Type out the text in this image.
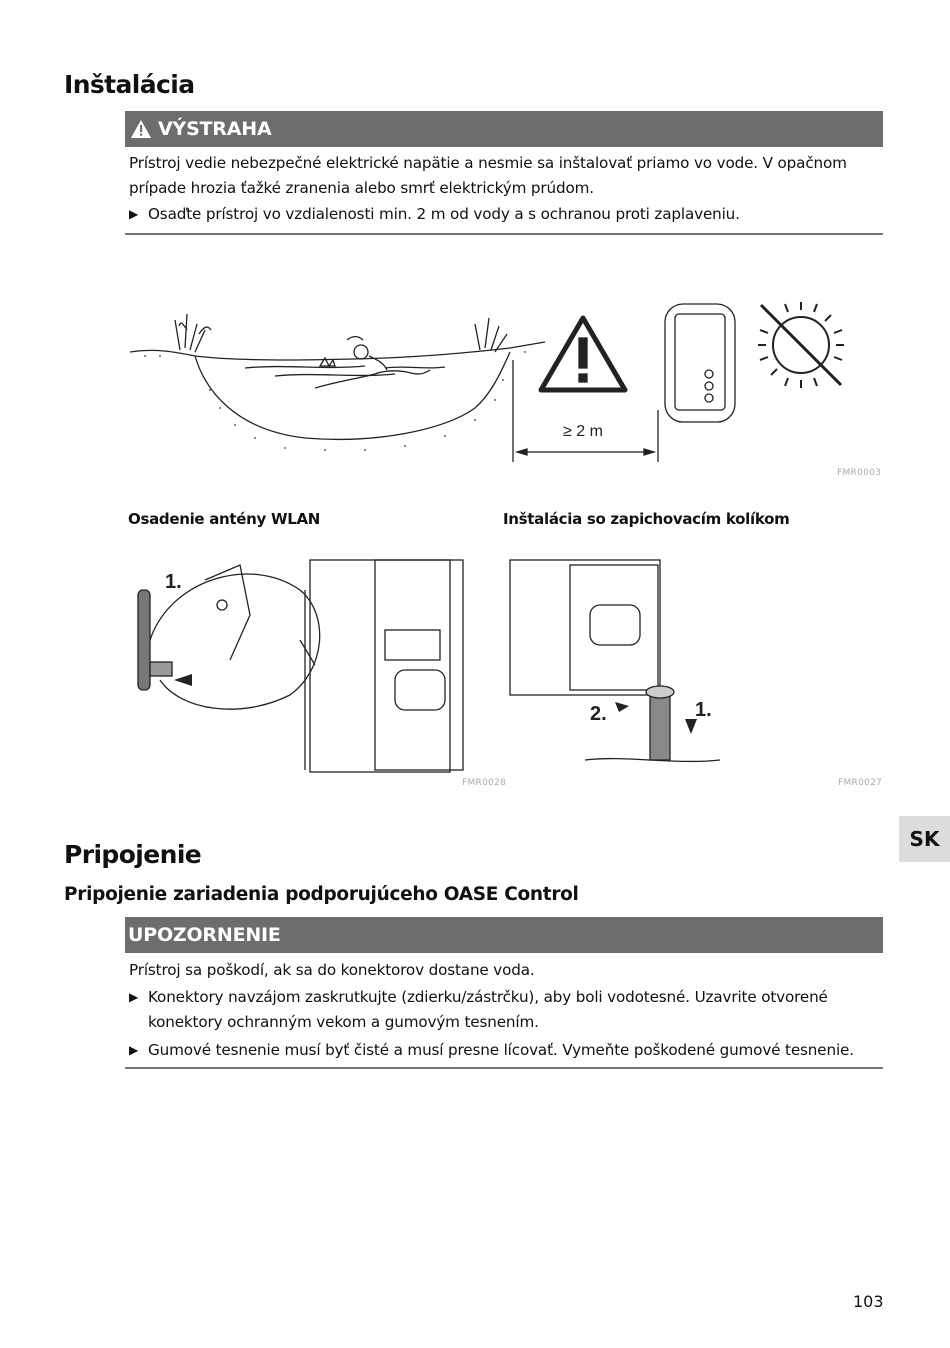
Inštalácia
VÝSTRAHA
Prístroj vedie nebezpečné elektrické napätie a nesmie sa inštalovať priamo vo vode. V opačnom prípade hrozia ťažké zranenia alebo smrť elektrickým prúdom.
▶ Osaďte prístroj vo vzdialenosti min. 2 m od vody a s ochranou proti zaplaveniu.
≥ 2 m
FMR0003
Osadenie antény WLAN	Inštalácia so zapichovacím kolíkom
1.
FMR0028
2.	1.
FMR0027
SK
Pripojenie
Pripojenie zariadenia podporujúceho OASE Control
UPOZORNENIE
Prístroj sa poškodí, ak sa do konektorov dostane voda.
▶ Konektory navzájom zaskrutkujte (zdierku/zástrčku), aby boli vodotesné. Uzavrite otvorené konektory ochranným vekom a gumovým tesnením.
▶ Gumové tesnenie musí byť čisté a musí presne lícovať. Vymeňte poškodené gumové tesnenie.
103
